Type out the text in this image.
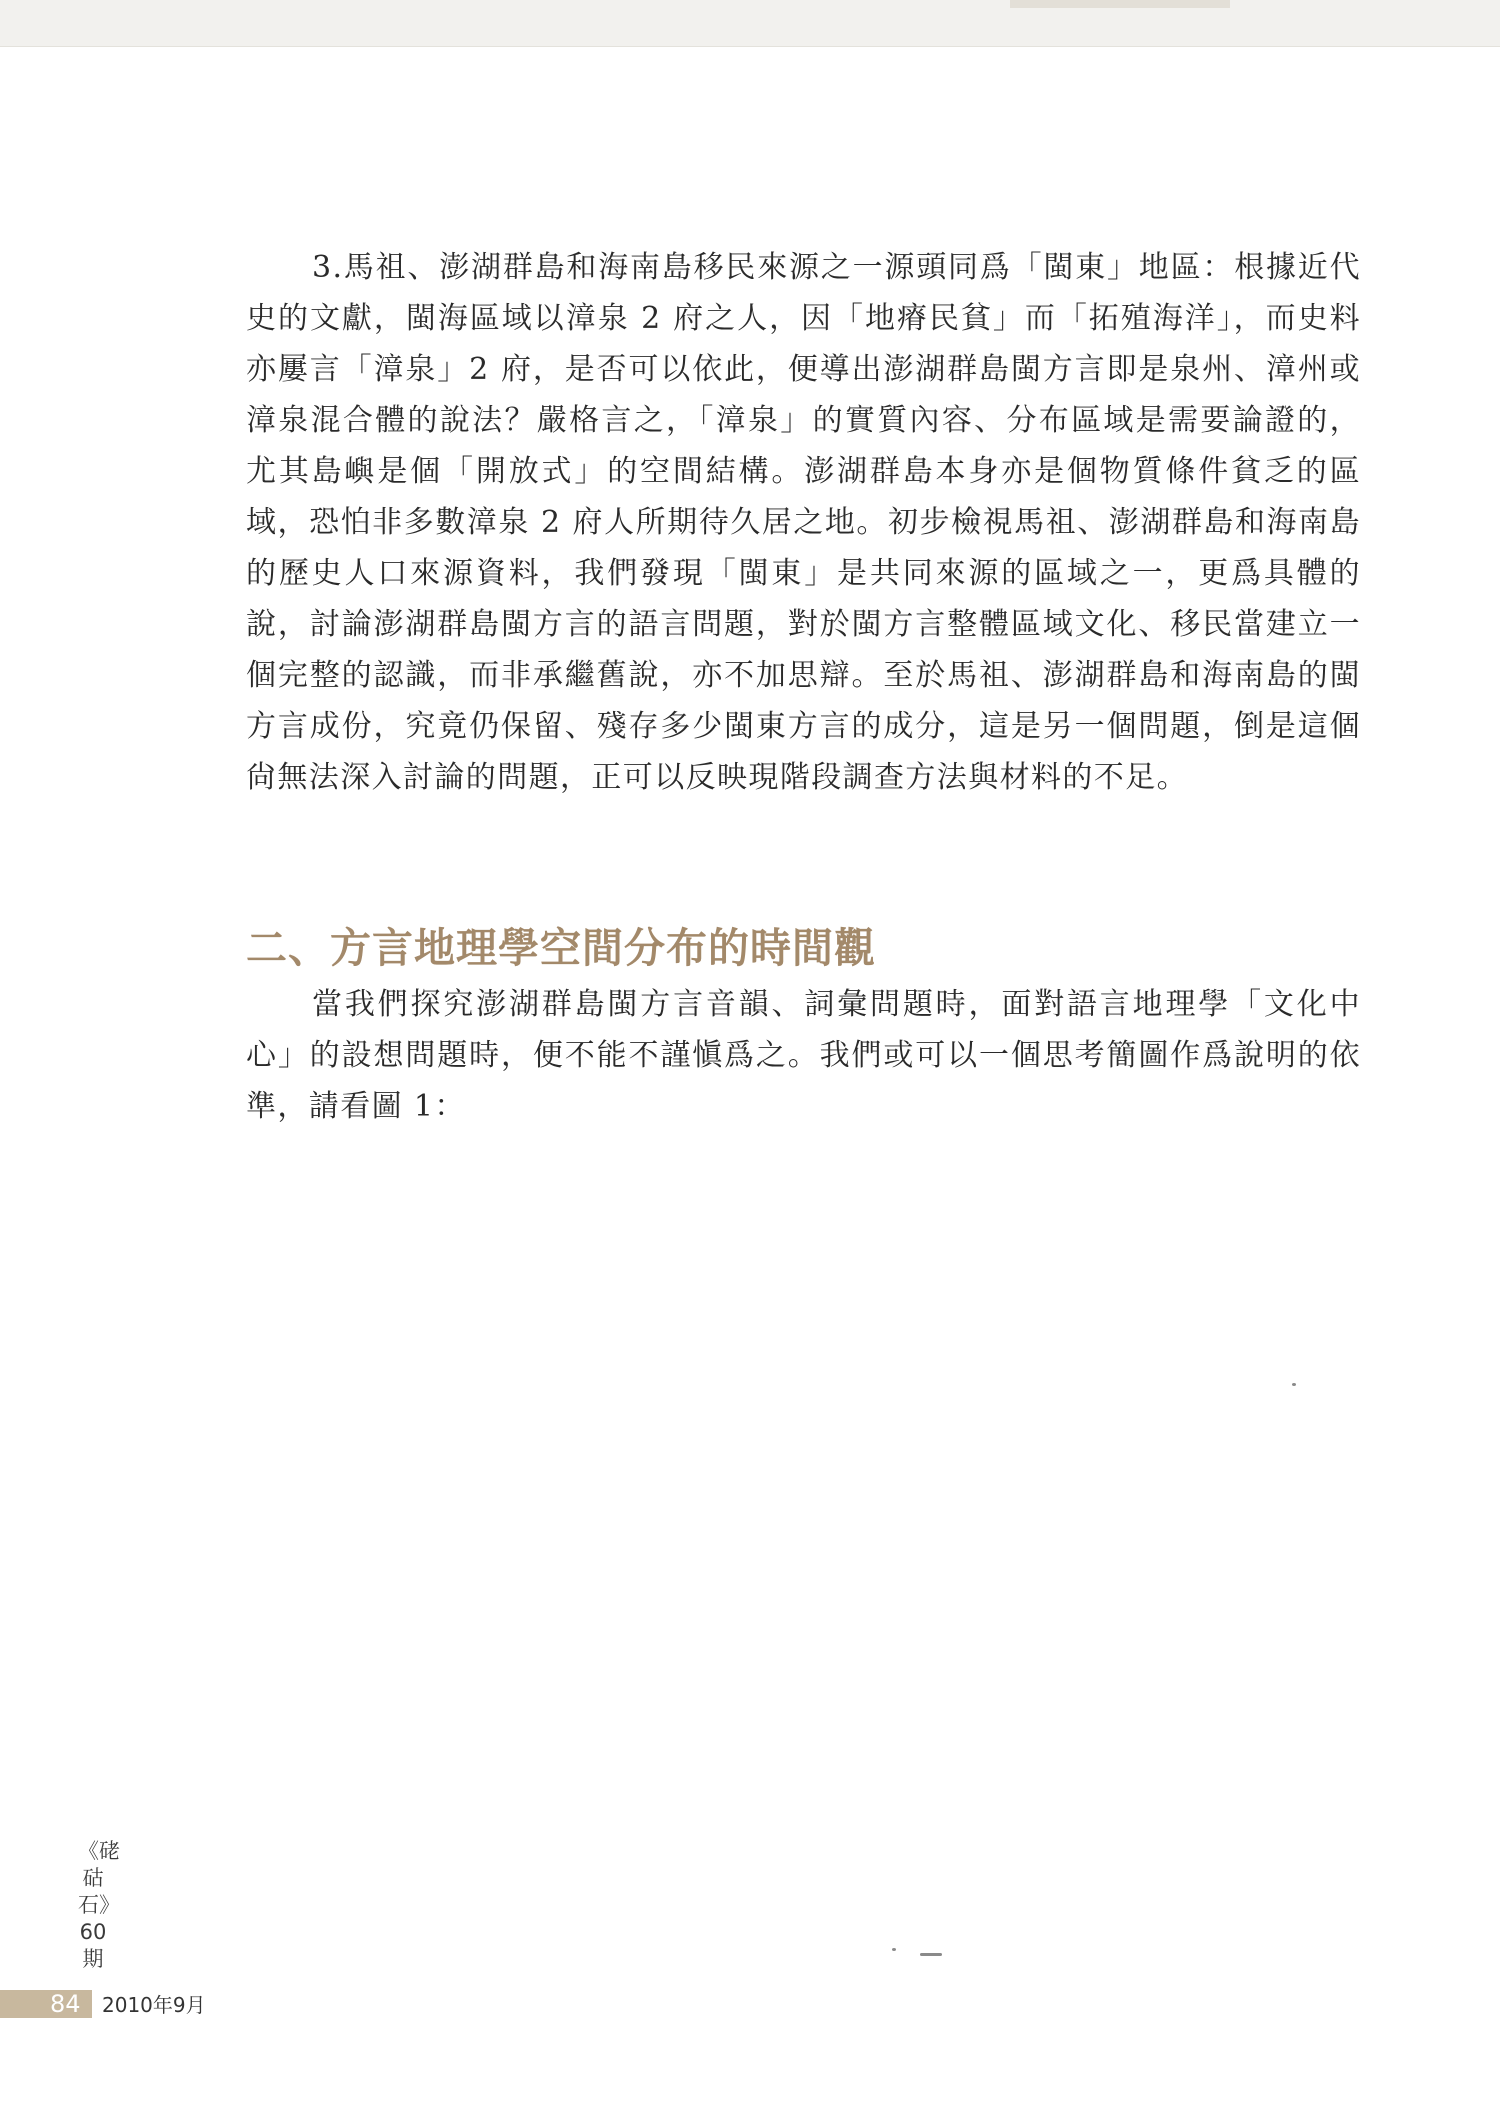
3.馬祖、澎湖群島和海南島移民來源之一源頭同爲「閩東」地區：根據近代史的文獻，閩海區域以漳泉 2 府之人，因「地瘠民貧」而「拓殖海洋」，而史料亦屢言「漳泉」2 府，是否可以依此，便導出澎湖群島閩方言即是泉州、漳州或漳泉混合體的說法？嚴格言之，「漳泉」的實質內容、分布區域是需要論證的，尤其島嶼是個「開放式」的空間結構。澎湖群島本身亦是個物質條件貧乏的區域，恐怕非多數漳泉 2 府人所期待久居之地。初步檢視馬祖、澎湖群島和海南島的歷史人口來源資料，我們發現「閩東」是共同來源的區域之一，更爲具體的說，討論澎湖群島閩方言的語言問題，對於閩方言整體區域文化、移民當建立一個完整的認識，而非承繼舊說，亦不加思辯。至於馬祖、澎湖群島和海南島的閩方言成份，究竟仍保留、殘存多少閩東方言的成分，這是另一個問題，倒是這個尙無法深入討論的問題，正可以反映現階段調查方法與材料的不足。

二、方言地理學空間分布的時間觀

當我們探究澎湖群島閩方言音韻、詞彙問題時，面對語言地理學「文化中心」的設想問題時，便不能不謹愼爲之。我們或可以一個思考簡圖作爲說明的依準，請看圖 1：

《硓𥑮石》60期
84 2010年9月
